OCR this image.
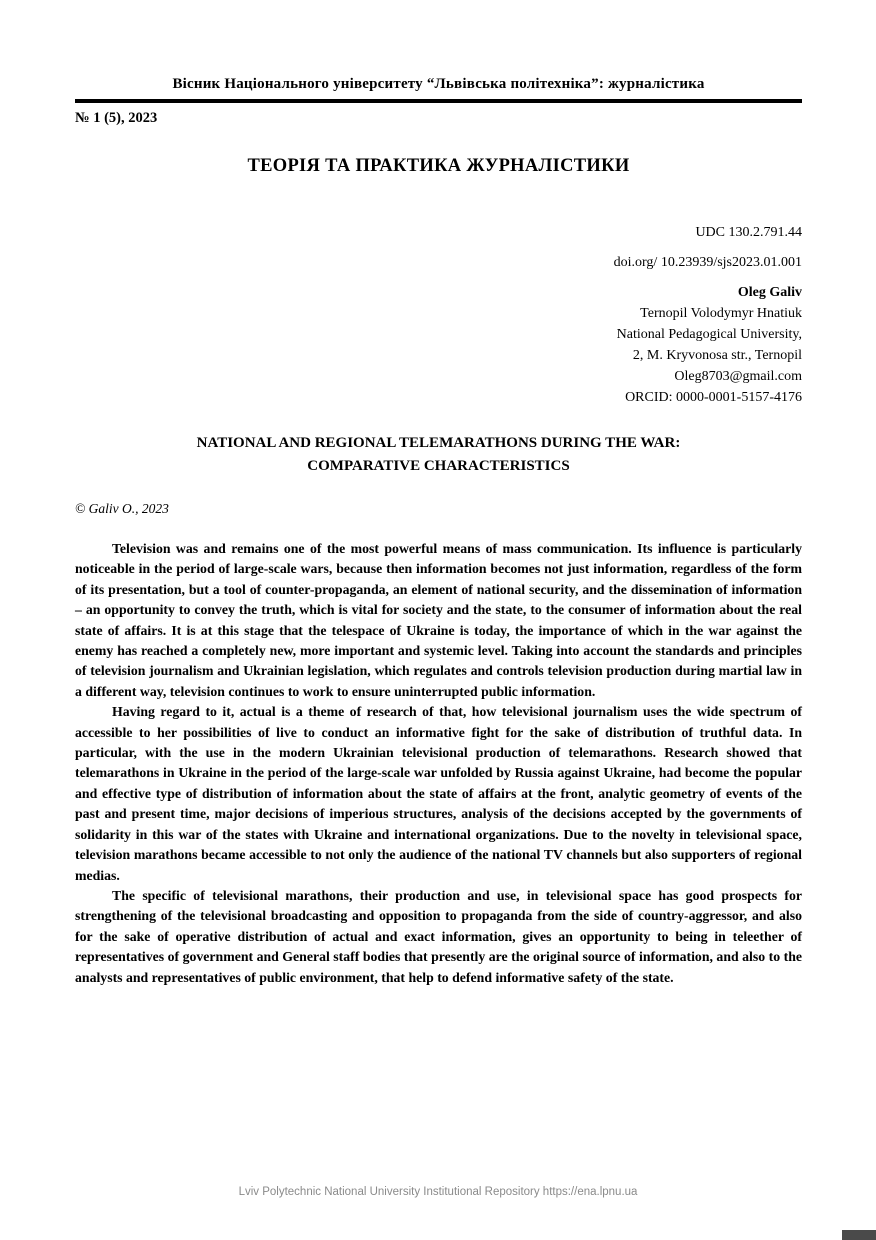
Вісник Національного університету “Львівська політехніка”: журналістика
№ 1 (5), 2023
ТЕОРІЯ ТА ПРАКТИКА ЖУРНАЛІСТИКИ
UDC 130.2.791.44
doi.org/ 10.23939/sjs2023.01.001
Oleg Galiv
Ternopil Volodymyr Hnatiuk
National Pedagogical University,
2, M. Kryvonosa str., Ternopil
Oleg8703@gmail.com
ORCID: 0000-0001-5157-4176
NATIONAL AND REGIONAL TELEMARATHONS DURING THE WAR:
COMPARATIVE CHARACTERISTICS
© Galiv O., 2023

Television was and remains one of the most powerful means of mass communication. Its influence is particularly noticeable in the period of large-scale wars, because then information becomes not just information, regardless of the form of its presentation, but a tool of counter-propaganda, an element of national security, and the dissemination of information – an opportunity to convey the truth, which is vital for society and the state, to the consumer of information about the real state of affairs. It is at this stage that the telespace of Ukraine is today, the importance of which in the war against the enemy has reached a completely new, more important and systemic level. Taking into account the standards and principles of television journalism and Ukrainian legislation, which regulates and controls television production during martial law in a different way, television continues to work to ensure uninterrupted public information.

Having regard to it, actual is a theme of research of that, how televisional journalism uses the wide spectrum of accessible to her possibilities of live to conduct an informative fight for the sake of distribution of truthful data. In particular, with the use in the modern Ukrainian televisional production of telemarathons. Research showed that telemarathons in Ukraine in the period of the large-scale war unfolded by Russia against Ukraine, had become the popular and effective type of distribution of information about the state of affairs at the front, analytic geometry of events of the past and present time, major decisions of imperious structures, analysis of the decisions accepted by the governments of solidarity in this war of the states with Ukraine and international organizations. Due to the novelty in televisional space, television marathons became accessible to not only the audience of the national TV channels but also supporters of regional medias.

The specific of televisional marathons, their production and use, in televisional space has good prospects for strengthening of the televisional broadcasting and opposition to propaganda from the side of country-aggressor, and also for the sake of operative distribution of actual and exact information, gives an opportunity to being in teleether of representatives of government and General staff bodies that presently are the original source of information, and also to the analysts and representatives of public environment, that help to defend informative safety of the state.

Lviv Polytechnic National University Institutional Repository https://ena.lpnu.ua
